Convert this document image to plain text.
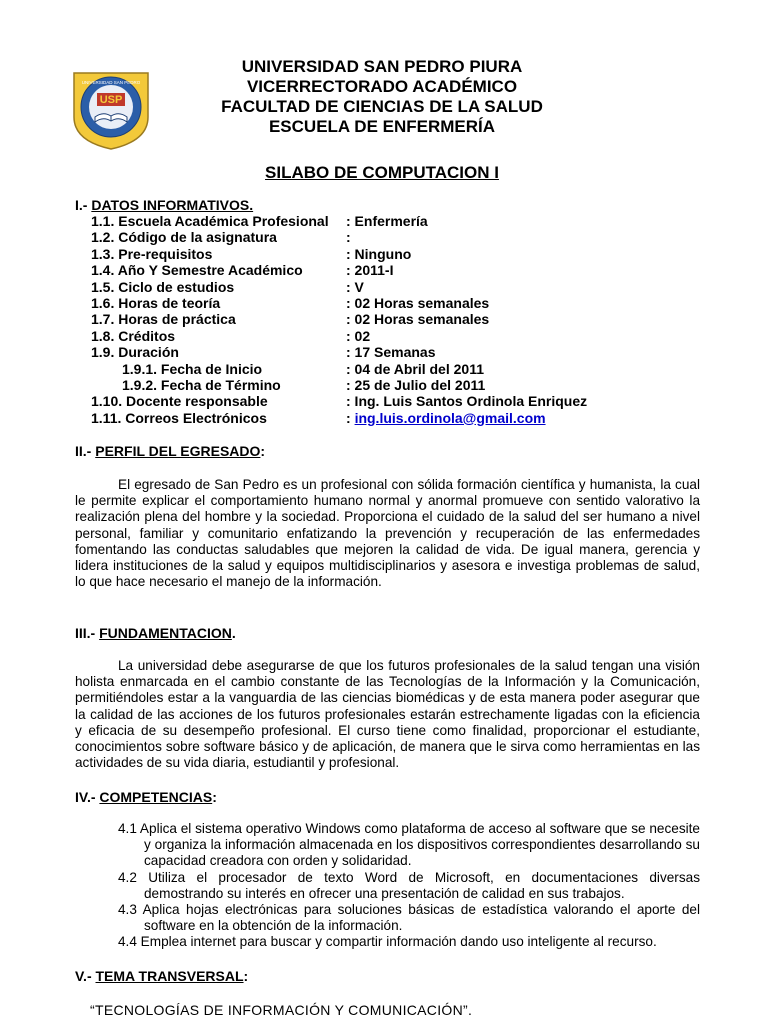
UNIVERSIDAD SAN PEDRO
USP
UNIVERSIDAD SAN PEDRO PIURA
VICERRECTORADO ACADÉMICO
FACULTAD DE CIENCIAS DE LA SALUD
ESCUELA DE ENFERMERÍA
SILABO DE COMPUTACION I
I.- DATOS INFORMATIVOS.
1.1. Escuela Académica Profesional : Enfermería
1.2. Código de la asignatura	:
1.3. Pre-requisitos	: Ninguno
1.4. Año Y Semestre Académico	: 2011-I
1.5. Ciclo de estudios	: V
1.6. Horas de teoría	: 02 Horas semanales
1.7. Horas de práctica	: 02 Horas semanales
1.8. Créditos	: 02
1.9. Duración	: 17 Semanas
1.9.1. Fecha de Inicio	: 04 de Abril del 2011
1.9.2. Fecha de Término	: 25 de Julio del 2011
1.10. Docente responsable	: Ing. Luis Santos Ordinola Enriquez
1.11. Correos Electrónicos	: ing.luis.ordinola@gmail.com
II.- PERFIL DEL EGRESADO:
El egresado de San Pedro es un profesional con sólida formación científica y humanista, la cual le permite explicar el comportamiento humano normal y anormal promueve con sentido valorativo la realización plena del hombre y la sociedad. Proporciona el cuidado de la salud del ser humano a nivel personal, familiar y comunitario enfatizando la prevención y recuperación de las enfermedades fomentando las conductas saludables que mejoren la calidad de vida. De igual manera, gerencia y lidera instituciones de la salud y equipos multidisciplinarios y asesora e investiga problemas de salud, lo que hace necesario el manejo de la información.
III.- FUNDAMENTACION.
La universidad debe asegurarse de que los futuros profesionales de la salud tengan una visión holista enmarcada en el cambio constante de las Tecnologías de la Información y la Comunicación, permitiéndoles estar a la vanguardia de las ciencias biomédicas y de esta manera poder asegurar que la calidad de las acciones de los futuros profesionales estarán estrechamente ligadas con la eficiencia y eficacia de su desempeño profesional. El curso tiene como finalidad, proporcionar el estudiante, conocimientos sobre software básico y de aplicación, de manera que le sirva como herramientas en las actividades de su vida diaria, estudiantil y profesional.
IV.- COMPETENCIAS:
4.1 Aplica el sistema operativo Windows como plataforma de acceso al software que se necesite y organiza la información almacenada en los dispositivos correspondientes desarrollando su capacidad creadora con orden y solidaridad.
4.2 Utiliza el procesador de texto Word de Microsoft, en documentaciones diversas demostrando su interés en ofrecer una presentación de calidad en sus trabajos.
4.3 Aplica hojas electrónicas para soluciones básicas de estadística valorando el aporte del software en la obtención de la información.
4.4 Emplea internet para buscar y compartir información dando uso inteligente al recurso.
V.- TEMA TRANSVERSAL:
“TECNOLOGÍAS DE INFORMACIÓN Y COMUNICACIÓN”.
